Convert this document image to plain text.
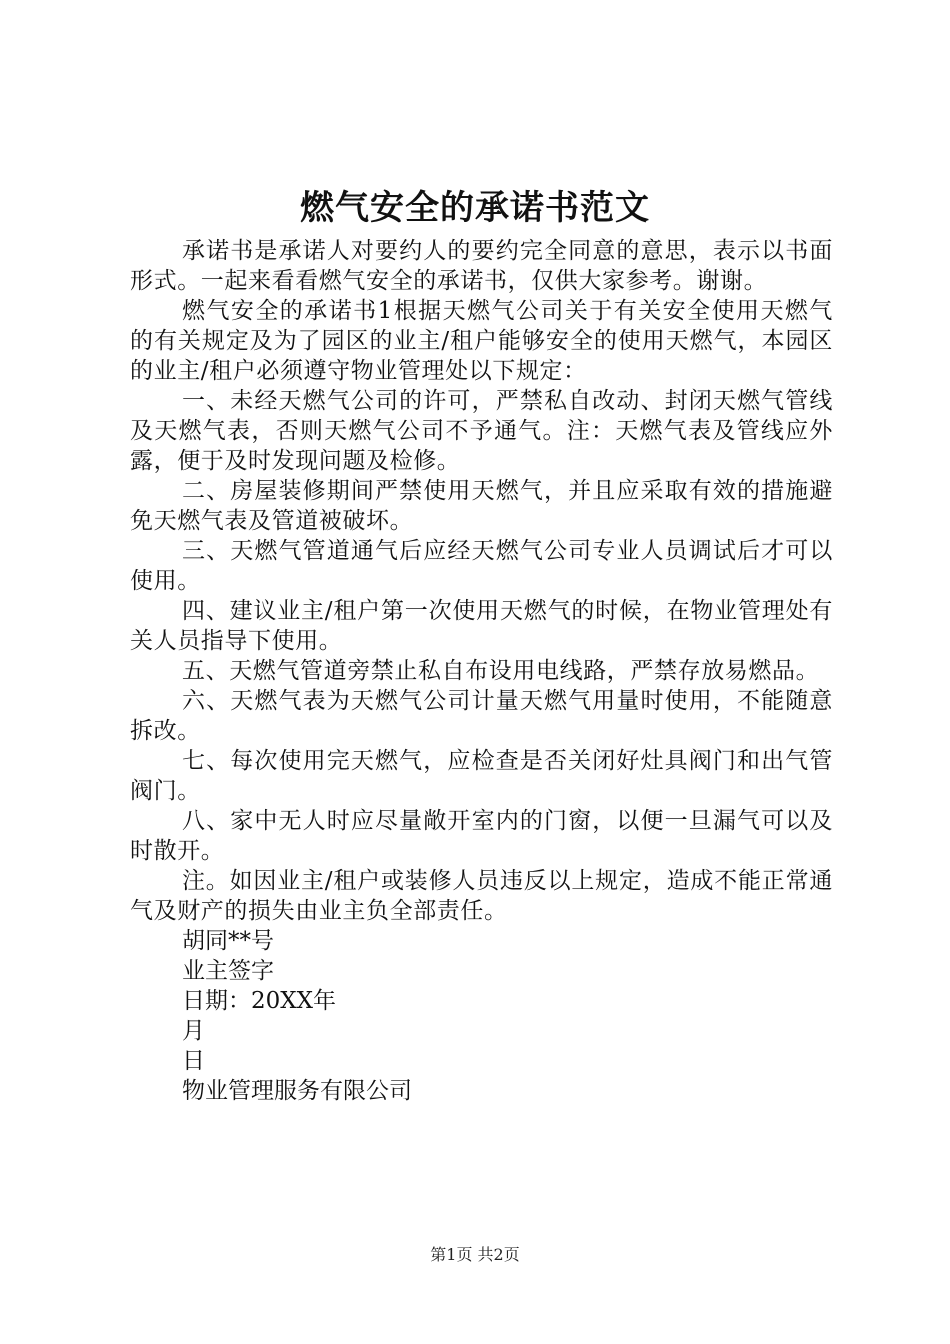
燃气安全的承诺书范文

承诺书是承诺人对要约人的要约完全同意的意思，表示以书面形式。一起来看看燃气安全的承诺书，仅供大家参考。谢谢。

燃气安全的承诺书1根据天燃气公司关于有关安全使用天燃气的有关规定及为了园区的业主/租户能够安全的使用天燃气，本园区的业主/租户必须遵守物业管理处以下规定：

一、未经天燃气公司的许可，严禁私自改动、封闭天燃气管线及天燃气表，否则天燃气公司不予通气。注：天燃气表及管线应外露，便于及时发现问题及检修。

二、房屋装修期间严禁使用天燃气，并且应采取有效的措施避免天燃气表及管道被破坏。

三、天燃气管道通气后应经天燃气公司专业人员调试后才可以使用。

四、建议业主/租户第一次使用天燃气的时候，在物业管理处有关人员指导下使用。

五、天燃气管道旁禁止私自布设用电线路，严禁存放易燃品。

六、天燃气表为天燃气公司计量天燃气用量时使用，不能随意拆改。

七、每次使用完天燃气，应检查是否关闭好灶具阀门和出气管阀门。

八、家中无人时应尽量敞开室内的门窗，以便一旦漏气可以及时散开。

注。如因业主/租户或装修人员违反以上规定，造成不能正常通气及财产的损失由业主负全部责任。

胡同**号

业主签字

日期：20XX年

月

日

物业管理服务有限公司

第1页 共2页
